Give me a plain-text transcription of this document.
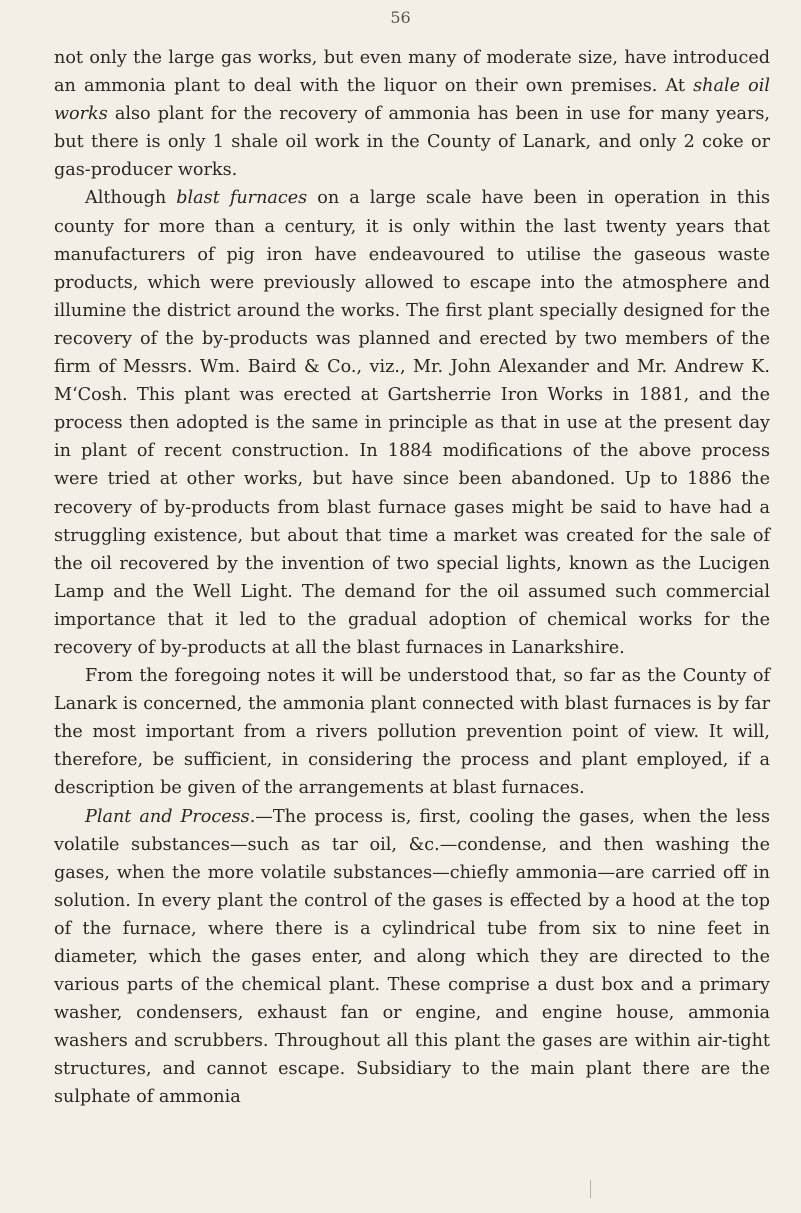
56

not only the large gas works, but even many of moderate size, have introduced an ammonia plant to deal with the liquor on their own premises. At shale oil works also plant for the recovery of ammonia has been in use for many years, but there is only 1 shale oil work in the County of Lanark, and only 2 coke or gas-producer works.

Although blast furnaces on a large scale have been in operation in this county for more than a century, it is only within the last twenty years that manufacturers of pig iron have endeavoured to utilise the gaseous waste products, which were previously allowed to escape into the atmosphere and illumine the district around the works. The first plant specially designed for the recovery of the by-products was planned and erected by two members of the firm of Messrs. Wm. Baird & Co., viz., Mr. John Alexander and Mr. Andrew K. M‘Cosh. This plant was erected at Gartsherrie Iron Works in 1881, and the process then adopted is the same in principle as that in use at the present day in plant of recent construction. In 1884 modifications of the above process were tried at other works, but have since been abandoned. Up to 1886 the recovery of by-products from blast furnace gases might be said to have had a struggling existence, but about that time a market was created for the sale of the oil recovered by the invention of two special lights, known as the Lucigen Lamp and the Well Light. The demand for the oil assumed such commercial importance that it led to the gradual adoption of chemical works for the recovery of by-products at all the blast furnaces in Lanarkshire.

From the foregoing notes it will be understood that, so far as the County of Lanark is concerned, the ammonia plant connected with blast furnaces is by far the most important from a rivers pollution prevention point of view. It will, therefore, be sufficient, in considering the process and plant employed, if a description be given of the arrangements at blast furnaces.

Plant and Process.—The process is, first, cooling the gases, when the less volatile substances—such as tar oil, &c.—condense, and then washing the gases, when the more volatile substances—chiefly ammonia—are carried off in solution. In every plant the control of the gases is effected by a hood at the top of the furnace, where there is a cylindrical tube from six to nine feet in diameter, which the gases enter, and along which they are directed to the various parts of the chemical plant. These comprise a dust box and a primary washer, condensers, exhaust fan or engine, and engine house, ammonia washers and scrubbers. Throughout all this plant the gases are within air-tight structures, and cannot escape. Subsidiary to the main plant there are the sulphate of ammonia
